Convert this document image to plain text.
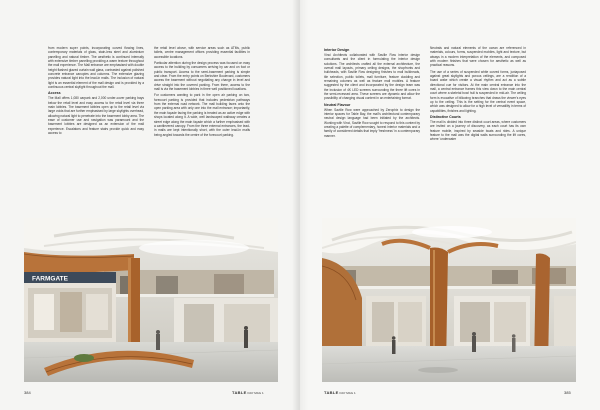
from modern super points, incorporating curved flowing lines, contemporary materials of glass, stain-less steel and aluminium panelling and natural timber. The aesthetic is continued internally with extensive timber panelling providing a warm texture throughout the mall experience. The Mall entrance are emphasised with double height flashed glazed curtain wall glass, contrasted against polished concrete entrance canopies and columns. The extensive glazing provides natural light into the lead-in malls. The inclusion of natural light is an essential element of the mall design and is provided by a continuous central skylight throughout the mall.

Access

The Mall offers 1,080 carpark and 2,000 under-cover parking bays below the retail level and easy access to the retail level via three main lobbies. The basement lobbies open up to the retail level via large voids that are further emphasised by large skylights overhead, allowing natural light to penetrate into the basement lobby area. The ease of customer use and navigation was paramount and the basement lobbies are designed as an extension of the mall experience. Escalators and feature stairs provide quick and easy access to

the retail level above, with service areas such as ATMs, public toilets, centre management offices providing essential facilities in accessible locations.

Particular attention during the design process was focused on easy access to the building by consumers arriving by car and on foot or public transport. Access to the semi-basement parking is simple and clear. From the entry points on Berkshire Boulevard, customers access the basement without negotiating any change in level and drive straight into the covered parking. From there, access to the mall is via the basement lobbies in three well positioned locations.

For customers wanting to park in the open air parking on two, forecourt parking is provided that includes pedestrian pathways from the external road network. The mall building faces onto the open parking area with only one into the mall entrance; importantly, the main façade facing the parking is treated as an active edge with shops located along it. A wide, well landscaped walkway creates a street edge along the main façade which a further emphasised with a cantilevered canopy. From the three external entrances, the lead-in malls are kept intentionally short, with the outer lead-in malls being angled towards the centre of the forecourt parking.

FARMGATE
384	TABLEDAY MAG 1
Interior Design

Vinci Architects collaborated with Saville Row interior design consultants and the client in formulating the interior design solutions. The architects crafted all the external architecture, the overall mall layouts, primary ceiling designs, the shopfronts and bulkheads, with Saville Row designing finishes to mall bulkheads, tile selection, public toilets, mall furniture, feature cladding and remaining columns as well as feature mall mobiles. A feature suggested by the client and incorporated by the design team was the inclusion of 4K LED screens surrounding the three lift cores in the semi-recessed area. These screens are dynamic and allow the possibility of changing visual content in an entertaining format.

Neutral Flavour

When Saville Row were approached by Zerophix to design the interior spaces for Table Bay, the mall's architectural contemporary neutral design language had been initiated by the architects. Working with Vinci, Saville Row sought to respond to this context by creating a palette of complementary, honest interior materials and a family of considered details that imply 'freshness' in a contemporary manner.

Neutrals and natural elements of the ocean are referenced in materials, colours, forms, suspended mobiles, light and texture, but always in a modern interpretation of the elements, and composed with modern finishes that were chosen for aesthetic as well as practical reasons.

The use of a series of suspended white curved forms, juxtaposed against great skylights and porous ceilings, are a rendition of a board wake which create a visual rhythm and act as a subtle directional cue for visitors. At the main central entrance into the mall, a central entrance frames this view down to the main central court where a skeletal bowl hull is suspended in mid-air. The ceiling form is evocative of billowing branches that draws the viewer's eyes up to the ceiling. This is the setting for the central event space, which was designed to allow for a high level of versatility in terms of capabilities, finishes and lighting.

Distinctive Courts

The mall is divided into three distinct court areas, where customers are invited on a journey of discovery, as each court has its own feature mobile, inspired by seaside boats and rides. A unique feature to the mall was the digital walls surrounding the lift cores, where 'underwater

TABLEDAY MAG 1	385
